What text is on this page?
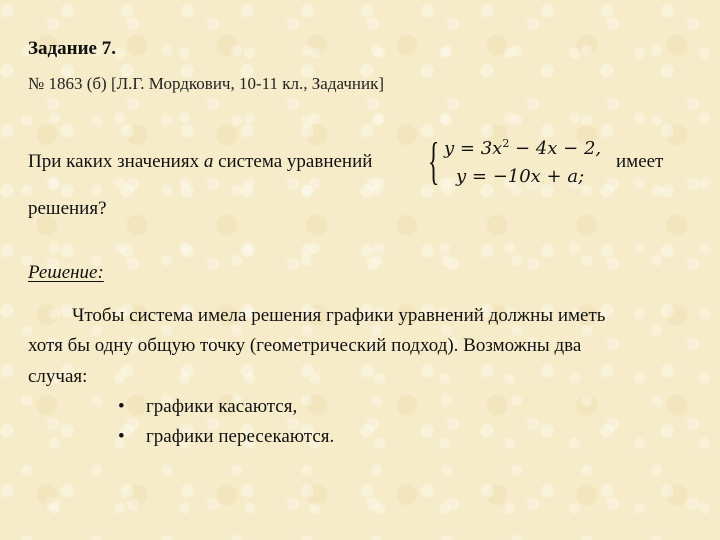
Задание 7.
№ 1863 (б) [Л.Г. Мордкович, 10-11 кл., Задачник]
При каких значениях a система уравнений { $y = 3x^2 - 4x - 2$,
y = −10x + a;
имеет
решения?
Решение:
Чтобы система имела решения графики уравнений должны иметь
хотя бы одну общую точку (геометрический подход). Возможны два
случая:
• графики касаются,
• графики пересекаются.
